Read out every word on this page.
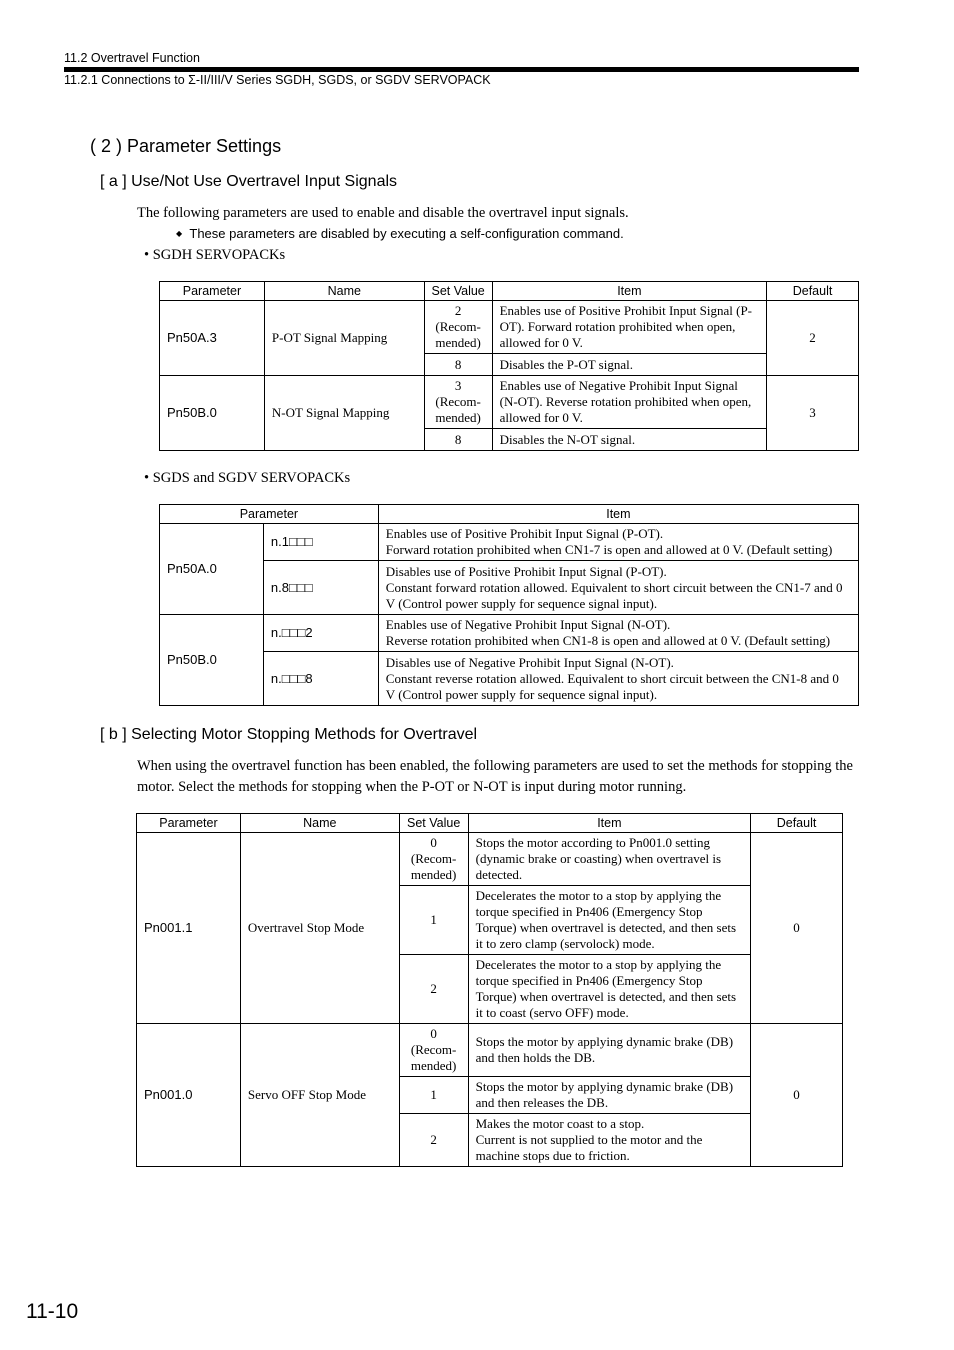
11.2 Overtravel Function
11.2.1 Connections to Σ-II/III/V Series SGDH, SGDS, or SGDV SERVOPACK
( 2 ) Parameter Settings
[ a ] Use/Not Use Overtravel Input Signals
The following parameters are used to enable and disable the overtravel input signals.
◆ These parameters are disabled by executing a self-configuration command.
• SGDH SERVOPACKs
Parameter	Name	Set Value	Item	Default
Pn50A.3	P-OT Signal Mapping	2
(Recom-
mended)	Enables use of Positive Prohibit Input Signal (P-OT). Forward rotation prohibited when open, allowed for 0 V.	2
		8	Disables the P-OT signal.	
Pn50B.0	N-OT Signal Mapping	3
(Recom-
mended)	Enables use of Negative Prohibit Input Signal (N-OT). Reverse rotation prohibited when open, allowed for 0 V.	3
		8	Disables the N-OT signal.	
• SGDS and SGDV SERVOPACKs
Parameter		Item
Pn50A.0	n.1□□□	Enables use of Positive Prohibit Input Signal (P-OT).
Forward rotation prohibited when CN1-7 is open and allowed at 0 V. (Default setting)
	n.8□□□	Disables use of Positive Prohibit Input Signal (P-OT).
Constant forward rotation allowed. Equivalent to short circuit between the CN1-7 and 0 V (Control power supply for sequence signal input).
Pn50B.0	n.□□□2	Enables use of Negative Prohibit Input Signal (N-OT).
Reverse rotation prohibited when CN1-8 is open and allowed at 0 V. (Default setting)
	n.□□□8	Disables use of Negative Prohibit Input Signal (N-OT).
Constant reverse rotation allowed. Equivalent to short circuit between the CN1-8 and 0 V (Control power supply for sequence signal input).
[ b ] Selecting Motor Stopping Methods for Overtravel
When using the overtravel function has been enabled, the following parameters are used to set the methods for stopping the motor. Select the methods for stopping when the P-OT or N-OT is input during motor running.
Parameter	Name	Set Value	Item	Default
Pn001.1	Overtravel Stop Mode	0
(Recom-
mended)	Stops the motor according to Pn001.0 setting (dynamic brake or coasting) when overtravel is detected.	0
		1	Decelerates the motor to a stop by applying the torque specified in Pn406 (Emergency Stop Torque) when overtravel is detected, and then sets it to zero clamp (servolock) mode.	
		2	Decelerates the motor to a stop by applying the torque specified in Pn406 (Emergency Stop Torque) when overtravel is detected, and then sets it to coast (servo OFF) mode.	
Pn001.0	Servo OFF Stop Mode	0
(Recom-
mended)	Stops the motor by applying dynamic brake (DB) and then holds the DB.	0
		1	Stops the motor by applying dynamic brake (DB) and then releases the DB.	
		2	Makes the motor coast to a stop.
Current is not supplied to the motor and the machine stops due to friction.	
11-10
